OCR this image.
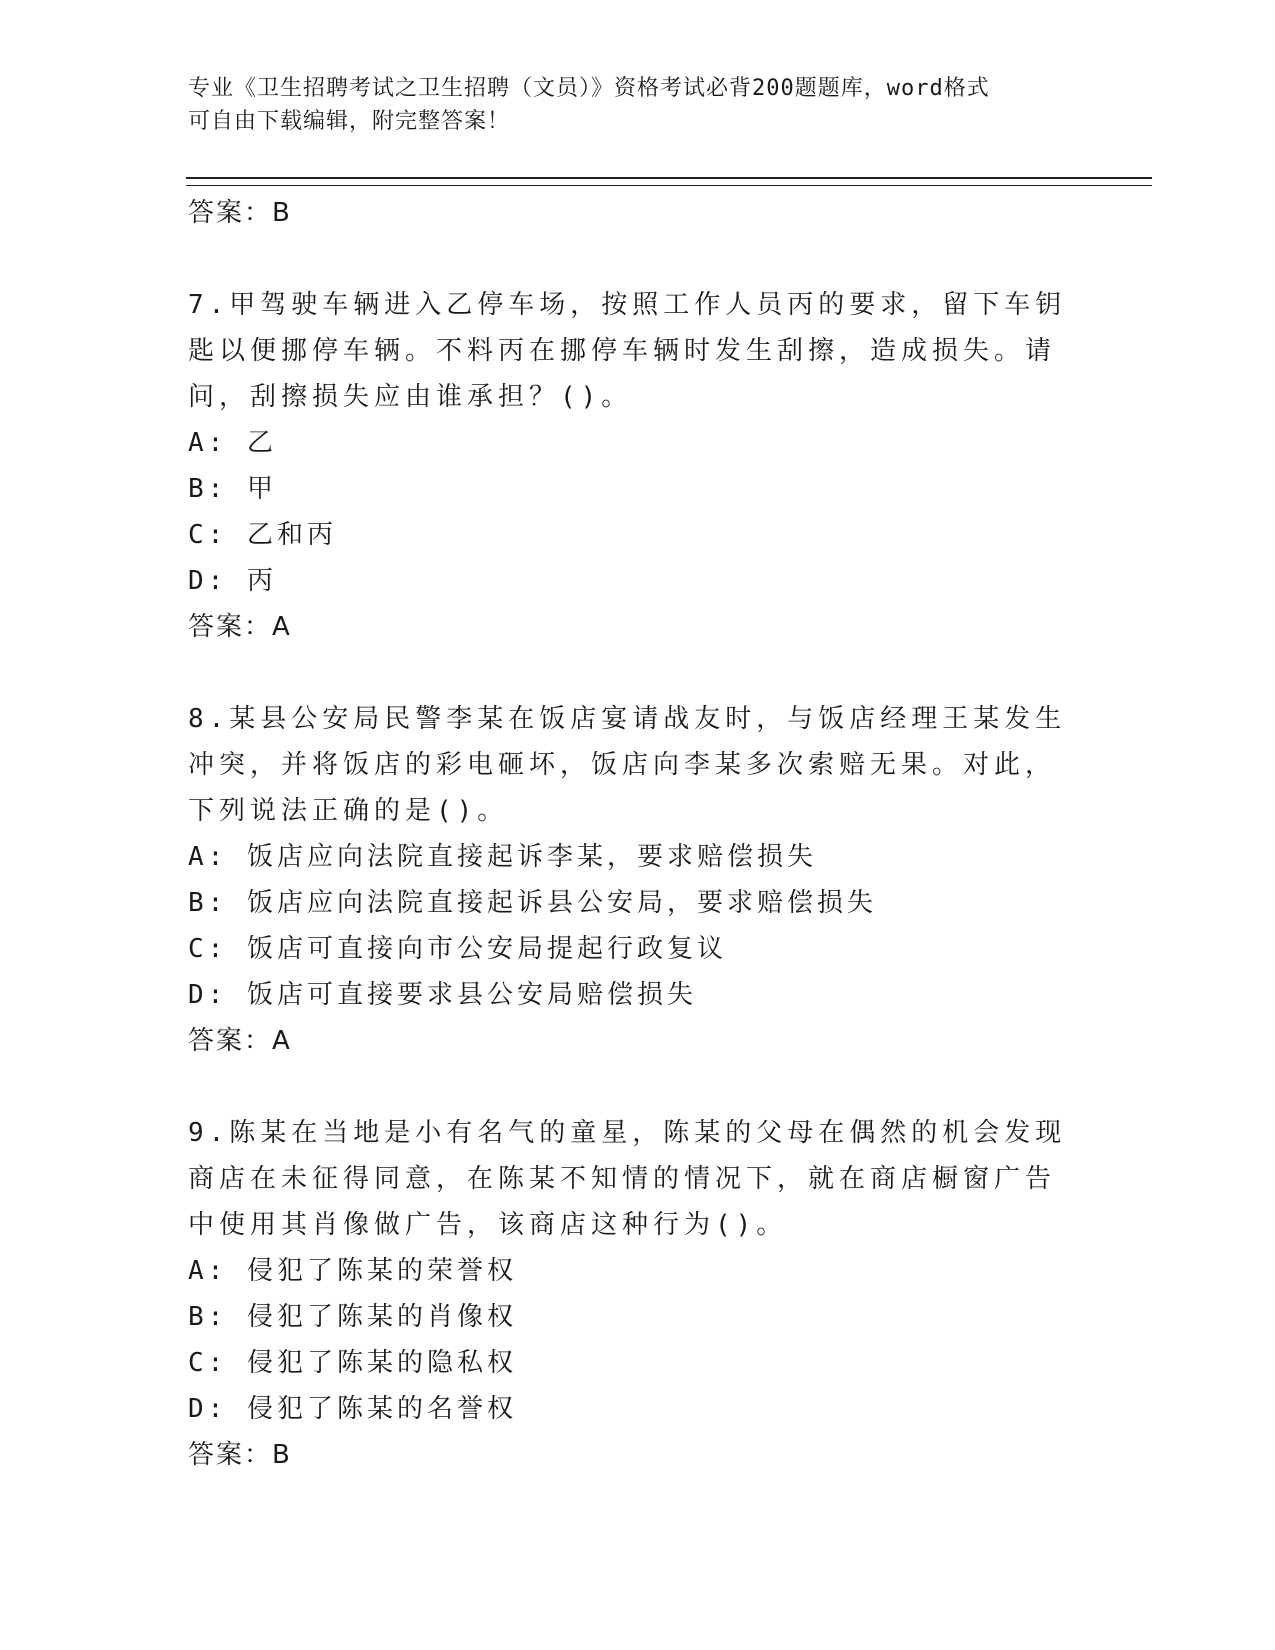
专业《卫生招聘考试之卫生招聘（文员）》资格考试必背200题题库，word格式
可自由下载编辑，附完整答案！
答案：B
7.甲驾驶车辆进入乙停车场，按照工作人员丙的要求，留下车钥匙以便挪停车辆。不料丙在挪停车辆时发生刮擦，造成损失。请问，刮擦损失应由谁承担？()。
A: 乙
B: 甲
C: 乙和丙
D: 丙
答案：A
8.某县公安局民警李某在饭店宴请战友时，与饭店经理王某发生冲突，并将饭店的彩电砸坏，饭店向李某多次索赔无果。对此，下列说法正确的是()。
A: 饭店应向法院直接起诉李某，要求赔偿损失
B: 饭店应向法院直接起诉县公安局，要求赔偿损失
C: 饭店可直接向市公安局提起行政复议
D: 饭店可直接要求县公安局赔偿损失
答案：A
9.陈某在当地是小有名气的童星，陈某的父母在偶然的机会发现商店在未征得同意，在陈某不知情的情况下，就在商店橱窗广告中使用其肖像做广告，该商店这种行为()。
A: 侵犯了陈某的荣誉权
B: 侵犯了陈某的肖像权
C: 侵犯了陈某的隐私权
D: 侵犯了陈某的名誉权
答案：B
